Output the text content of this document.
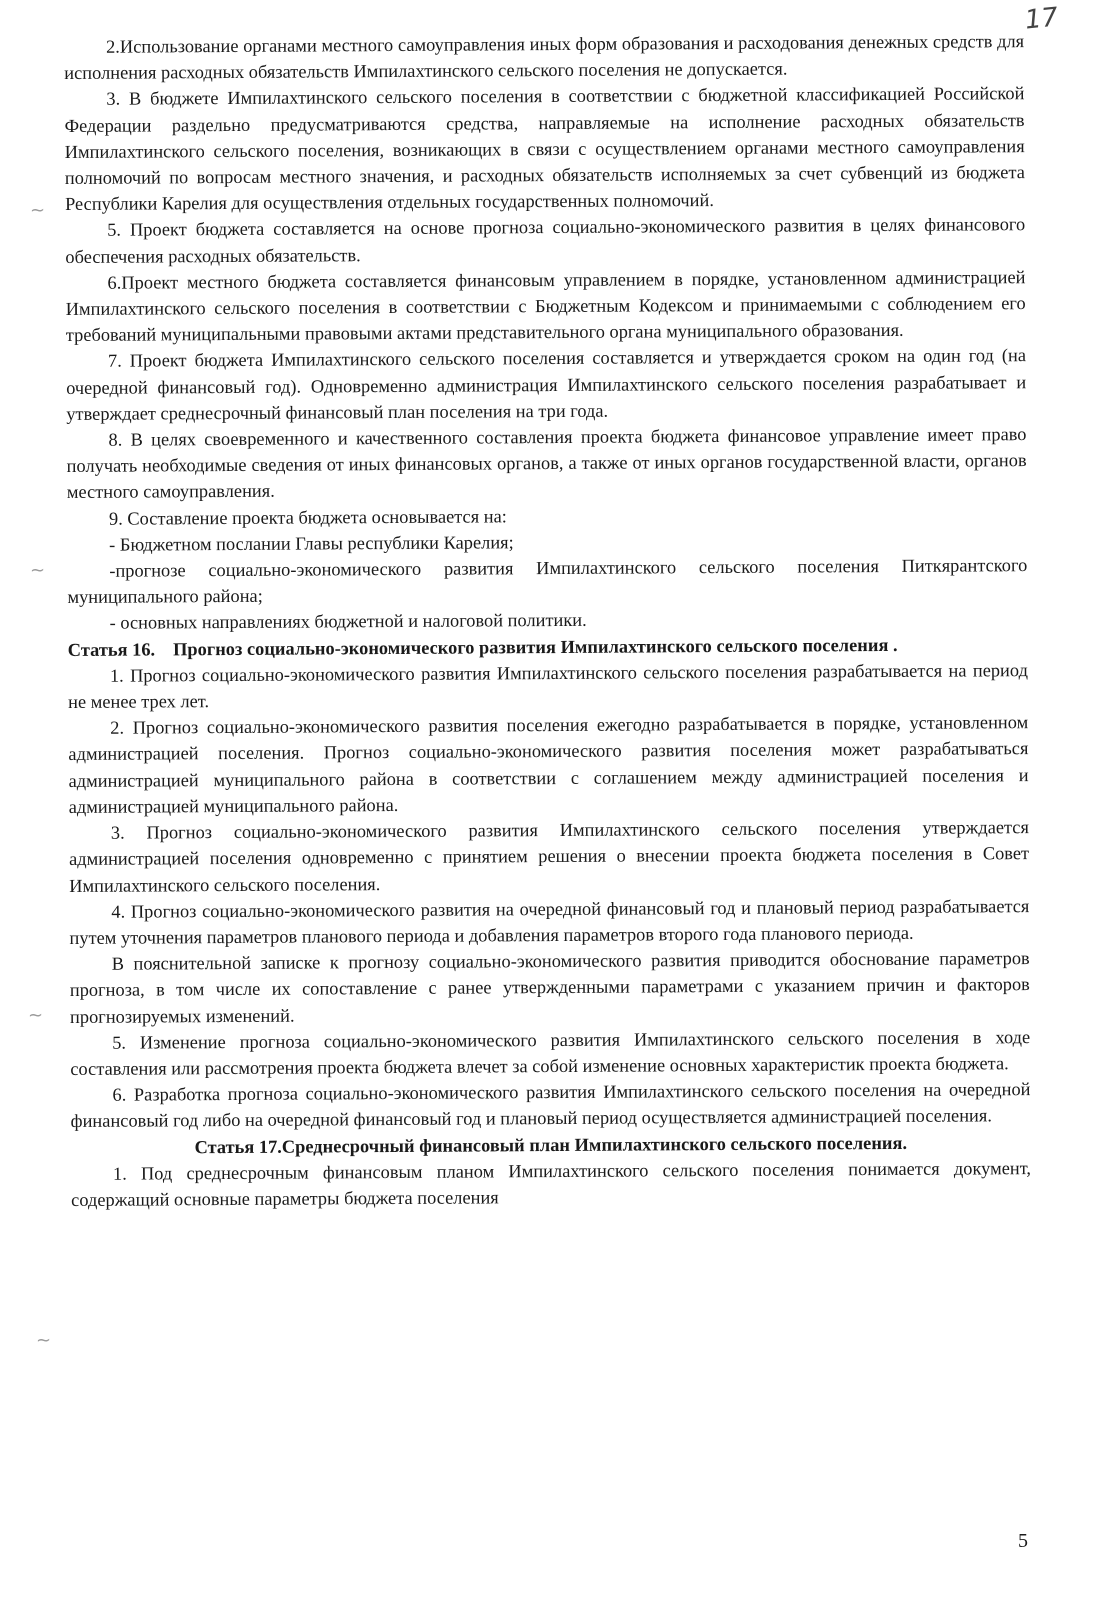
17
~
~
~
~

2.Использование органами местного самоуправления иных форм образования и расходования денежных средств для исполнения расходных обязательств Импилахтинского сельского поселения не допускается.

3. В бюджете Импилахтинского сельского поселения в соответствии с бюджетной классификацией Российской Федерации раздельно предусматриваются средства, направляемые на исполнение расходных обязательств Импилахтинского сельского поселения, возникающих в связи с осуществлением органами местного самоуправления полномочий по вопросам местного значения, и расходных обязательств исполняемых за счет субвенций из бюджета Республики Карелия для осуществления отдельных государственных полномочий.

5. Проект бюджета составляется на основе прогноза социально-экономического развития в целях финансового обеспечения расходных обязательств.

6.Проект местного бюджета составляется финансовым управлением в порядке, установленном администрацией Импилахтинского сельского поселения в соответствии с Бюджетным Кодексом и принимаемыми с соблюдением его требований муниципальными правовыми актами представительного органа муниципального образования.

7. Проект бюджета Импилахтинского сельского поселения составляется и утверждается сроком на один год (на очередной финансовый год). Одновременно администрация Импилахтинского сельского поселения разрабатывает и утверждает среднесрочный финансовый план поселения на три года.

8. В целях своевременного и качественного составления проекта бюджета финансовое управление имеет право получать необходимые сведения от иных финансовых органов, а также от иных органов государственной власти, органов местного самоуправления.

9. Составление проекта бюджета основывается на:

- Бюджетном послании Главы республики Карелия;

-прогнозе социально-экономического развития Импилахтинского сельского поселения Питкярантского муниципального района;

- основных направлениях бюджетной и налоговой политики.

Статья 16. Прогноз социально-экономического развития Импилахтинского сельского поселения .

1. Прогноз социально-экономического развития Импилахтинского сельского поселения разрабатывается на период не менее трех лет.

2. Прогноз социально-экономического развития поселения ежегодно разрабатывается в порядке, установленном администрацией поселения. Прогноз социально-экономического развития поселения может разрабатываться администрацией муниципального района в соответствии с соглашением между администрацией поселения и администрацией муниципального района.

3. Прогноз социально-экономического развития Импилахтинского сельского поселения утверждается администрацией поселения одновременно с принятием решения о внесении проекта бюджета поселения в Совет Импилахтинского сельского поселения.

4. Прогноз социально-экономического развития на очередной финансовый год и плановый период разрабатывается путем уточнения параметров планового периода и добавления параметров второго года планового периода.

В пояснительной записке к прогнозу социально-экономического развития приводится обоснование параметров прогноза, в том числе их сопоставление с ранее утвержденными параметрами с указанием причин и факторов прогнозируемых изменений.

5. Изменение прогноза социально-экономического развития Импилахтинского сельского поселения в ходе составления или рассмотрения проекта бюджета влечет за собой изменение основных характеристик проекта бюджета.

6. Разработка прогноза социально-экономического развития Импилахтинского сельского поселения на очередной финансовый год либо на очередной финансовый год и плановый период осуществляется администрацией поселения.

Статья 17.Среднесрочный финансовый план Импилахтинского сельского поселения.

1. Под среднесрочным финансовым планом Импилахтинского сельского поселения понимается документ, содержащий основные параметры бюджета поселения

5
